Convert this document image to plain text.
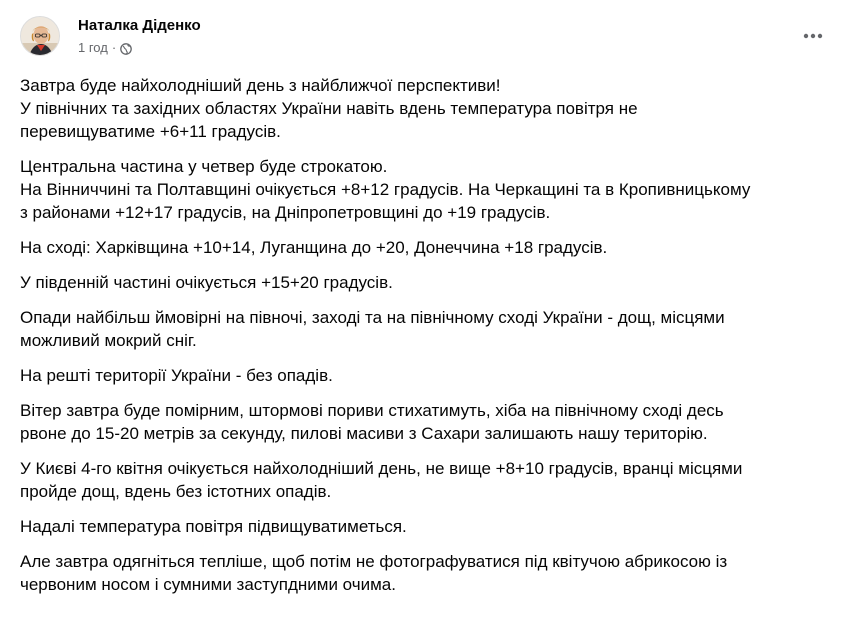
Наталка Діденко
1 год ·

Завтра буде найхолодніший день з найближчої перспективи!
У північних та західних областях України навіть вдень температура повітря не
перевищуватиме +6+11 градусів.

Центральна частина у четвер буде строкатою.
На Вінниччині та Полтавщині очікується +8+12 градусів. На Черкащині та в Кропивницькому
з районами +12+17 градусів, на Дніпропетровщині до +19 градусів.

На сході: Харківщина +10+14, Луганщина до +20, Донеччина +18 градусів.

У південній частині очікується +15+20 градусів.

Опади найбільш ймовірні на півночі, заході та на північному сході України - дощ, місцями
можливий мокрий сніг.

На решті території України - без опадів.

Вітер завтра буде помірним, штормові пориви стихатимуть, хіба на північному сході десь
рвоне до 15-20 метрів за секунду, пилові масиви з Сахари залишають нашу територію.

У Києві 4-го квітня очікується найхолодніший день, не вище +8+10 градусів, вранці місцями
пройде дощ, вдень без істотних опадів.

Надалі температура повітря підвищуватиметься.

Але завтра одягніться тепліше, щоб потім не фотографуватися під квітучою абрикосою із
червоним носом і сумними заступдними очима.
